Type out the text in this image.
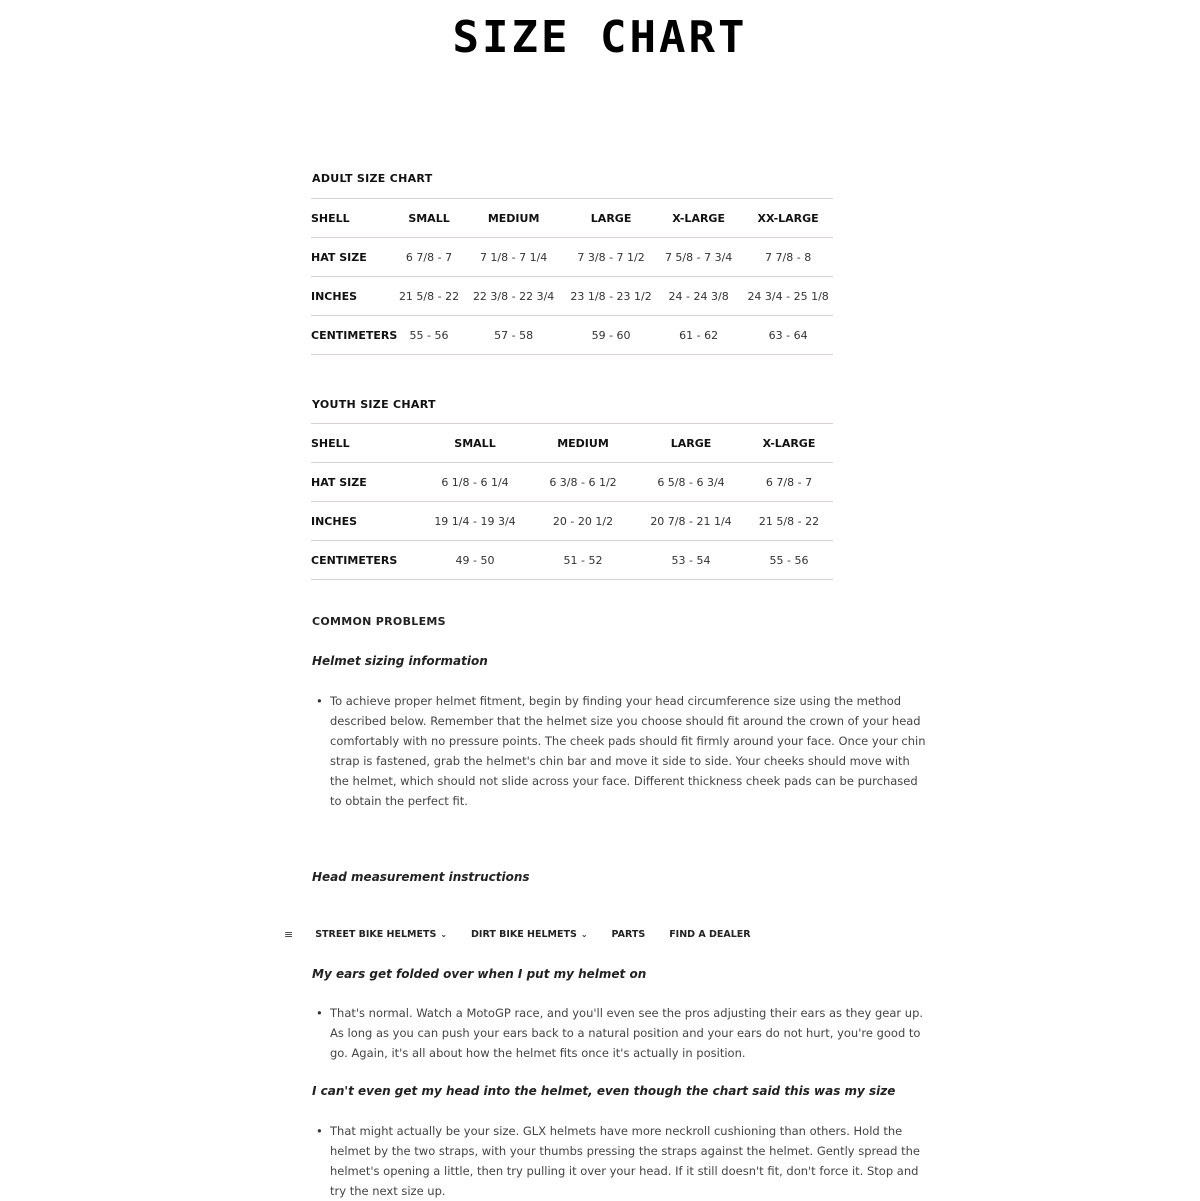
SIZE CHART
ADULT SIZE CHART
SHELL	SMALL	MEDIUM	LARGE	X-LARGE	XX-LARGE
HAT SIZE	6 7/8 - 7	7 1/8 - 7 1/4	7 3/8 - 7 1/2	7 5/8 - 7 3/4	7 7/8 - 8
INCHES	21 5/8 - 22	22 3/8 - 22 3/4	23 1/8 - 23 1/2	24 - 24 3/8	24 3/4 - 25 1/8
CENTIMETERS	55 - 56	57 - 58	59 - 60	61 - 62	63 - 64
YOUTH SIZE CHART
SHELL	SMALL	MEDIUM	LARGE	X-LARGE
HAT SIZE	6 1/8 - 6 1/4	6 3/8 - 6 1/2	6 5/8 - 6 3/4	6 7/8 - 7
INCHES	19 1/4 - 19 3/4	20 - 20 1/2	20 7/8 - 21 1/4	21 5/8 - 22
CENTIMETERS	49 - 50	51 - 52	53 - 54	55 - 56
COMMON PROBLEMS
Helmet sizing information
• To achieve proper helmet fitment, begin by finding your head circumference size using the method described below. Remember that the helmet size you choose should fit around the crown of your head comfortably with no pressure points. The cheek pads should fit firmly around your face. Once your chin strap is fastened, grab the helmet's chin bar and move it side to side. Your cheeks should move with the helmet, which should not slide across your face. Different thickness cheek pads can be purchased to obtain the perfect fit.
Head measurement instructions
≡ STREET BIKE HELMETS ⌄	DIRT BIKE HELMETS ⌄	PARTS	FIND A DEALER
My ears get folded over when I put my helmet on
• That's normal. Watch a MotoGP race, and you'll even see the pros adjusting their ears as they gear up. As long as you can push your ears back to a natural position and your ears do not hurt, you're good to go. Again, it's all about how the helmet fits once it's actually in position.
I can't even get my head into the helmet, even though the chart said this was my size
• That might actually be your size. GLX helmets have more neckroll cushioning than others. Hold the helmet by the two straps, with your thumbs pressing the straps against the helmet. Gently spread the helmet's opening a little, then try pulling it over your head. If it still doesn't fit, don't force it. Stop and try the next size up.
